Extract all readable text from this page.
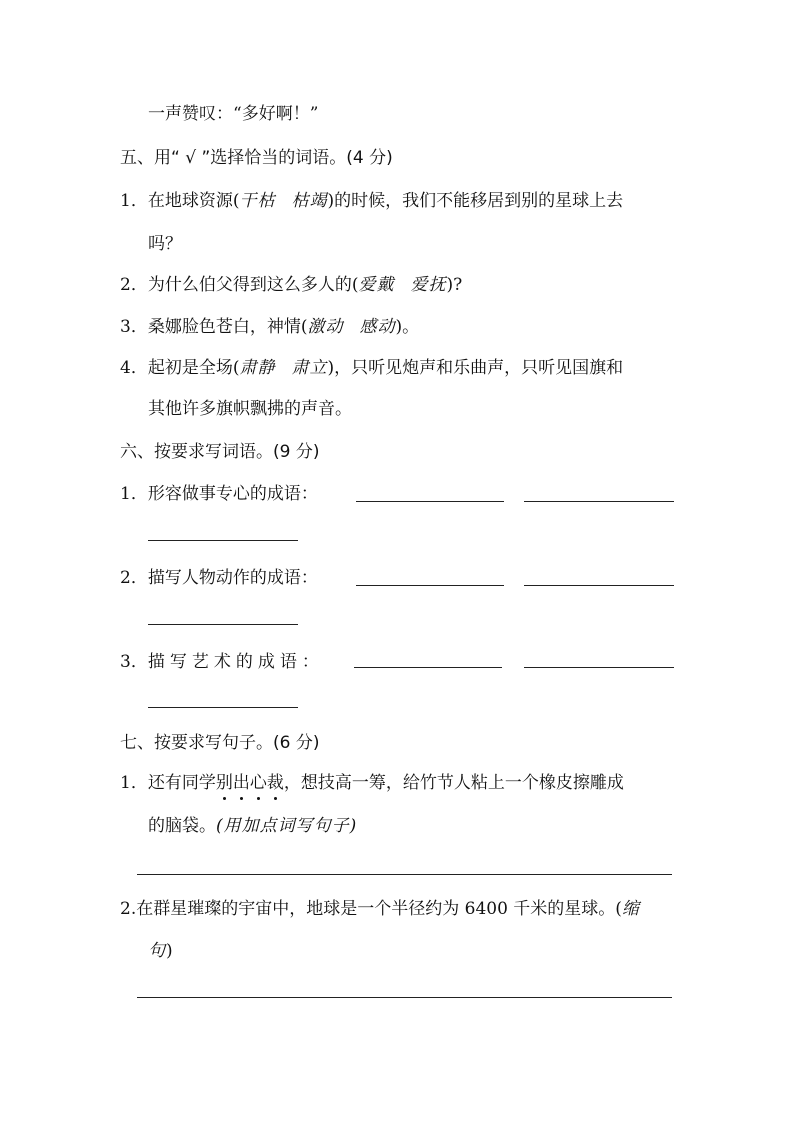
一声赞叹：“多好啊！”
五、用“ √ ”选择恰当的词语。(4 分)
1．在地球资源(干枯 枯竭)的时候，我们不能移居到别的星球上去
吗？
2．为什么伯父得到这么多人的(爱戴 爱抚)?
3．桑娜脸色苍白，神情(激动 感动)。
4．起初是全场(肃静 肃立)，只听见炮声和乐曲声，只听见国旗和
其他许多旗帜飘拂的声音。
六、按要求写词语。(9 分)
1．形容做事专心的成语：
2．描写人物动作的成语：
3．描写艺术的成语：
七、按要求写句子。(6 分)
1．还有同学别出心裁，想技高一筹，给竹节人粘上一个橡皮擦雕成
的脑袋。(用加点词写句子)
2.在群星璀璨的宇宙中，地球是一个半径约为 6400 千米的星球。(缩
句)
